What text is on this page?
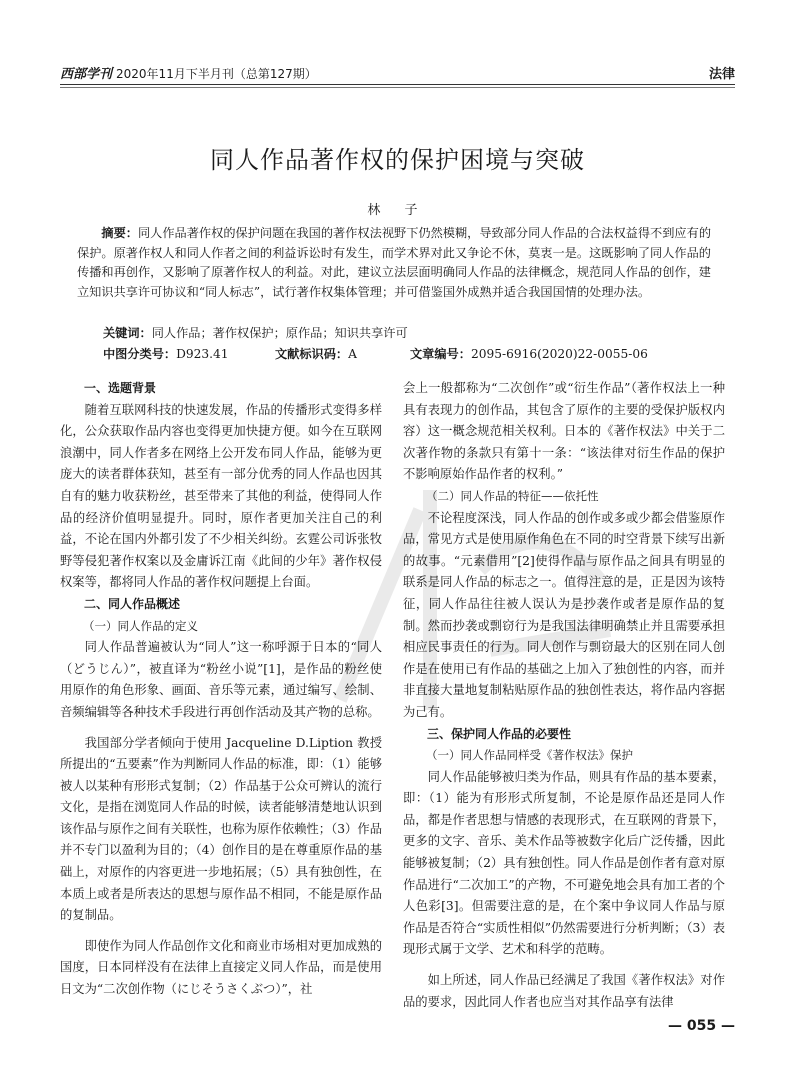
西部学刊 2020年11月下半月刊（总第127期）	法律
同人作品著作权的保护困境与突破
林 子
摘要：同人作品著作权的保护问题在我国的著作权法视野下仍然模糊，导致部分同人作品的合法权益得不到应有的保护。原著作权人和同人作者之间的利益诉讼时有发生，而学术界对此又争论不休，莫衷一是。这既影响了同人作品的传播和再创作，又影响了原著作权人的利益。对此，建议立法层面明确同人作品的法律概念，规范同人作品的创作，建立知识共享许可协议和“同人标志”，试行著作权集体管理；并可借鉴国外成熟并适合我国国情的处理办法。
关键词：同人作品；著作权保护；原作品；知识共享许可
中图分类号：D923.41	文献标识码：A	文章编号：2095-6916(2020)22-0055-06
一、选题背景

随着互联网科技的快速发展，作品的传播形式变得多样化，公众获取作品内容也变得更加快捷方便。如今在互联网浪潮中，同人作者多在网络上公开发布同人作品，能够为更庞大的读者群体获知，甚至有一部分优秀的同人作品也因其自有的魅力收获粉丝，甚至带来了其他的利益，使得同人作品的经济价值明显提升。同时，原作者更加关注自己的利益，不论在国内外都引发了不少相关纠纷。玄霆公司诉张牧野等侵犯著作权案以及金庸诉江南《此间的少年》著作权侵权案等，都将同人作品的著作权问题提上台面。

二、同人作品概述
（一）同人作品的定义

同人作品普遍被认为“同人”这一称呼源于日本的“同人（どうじん）”，被直译为“粉丝小说”[1]，是作品的粉丝使用原作的角色形象、画面、音乐等元素，通过编写、绘制、音频编辑等各种技术手段进行再创作活动及其产物的总称。

我国部分学者倾向于使用 Jacqueline D.Liption 教授所提出的“五要素”作为判断同人作品的标准，即：（1）能够被人以某种有形形式复制；（2）作品基于公众可辨认的流行文化，是指在浏览同人作品的时候，读者能够清楚地认识到该作品与原作之间有关联性，也称为原作依赖性；（3）作品并不专门以盈利为目的；（4）创作目的是在尊重原作品的基础上，对原作的内容更进一步地拓展；（5）具有独创性，在本质上或者是所表达的思想与原作品不相同，不能是原作品的复制品。

即使作为同人作品创作文化和商业市场相对更加成熟的国度，日本同样没有在法律上直接定义同人作品，而是使用日文为“二次创作物（にじそうさくぶつ）”，社

会上一般都称为“二次创作”或“衍生作品”（著作权法上一种具有表现力的创作品，其包含了原作的主要的受保护版权内容）这一概念规范相关权利。日本的《著作权法》中关于二次著作物的条款只有第十一条：“该法律对衍生作品的保护不影响原始作品作者的权利。”

（二）同人作品的特征——依托性

不论程度深浅，同人作品的创作或多或少都会借鉴原作品，常见方式是使用原作角色在不同的时空背景下续写出新的故事。“元素借用”[2]使得作品与原作品之间具有明显的联系是同人作品的标志之一。值得注意的是，正是因为该特征，同人作品往往被人误认为是抄袭作或者是原作品的复制。然而抄袭或剽窃行为是我国法律明确禁止并且需要承担相应民事责任的行为。同人创作与剽窃最大的区别在同人创作是在使用已有作品的基础之上加入了独创性的内容，而并非直接大量地复制粘贴原作品的独创性表达，将作品内容据为己有。

三、保护同人作品的必要性
（一）同人作品同样受《著作权法》保护

同人作品能够被归类为作品，则具有作品的基本要素，即：（1）能为有形形式所复制，不论是原作品还是同人作品，都是作者思想与情感的表现形式，在互联网的背景下，更多的文字、音乐、美术作品等被数字化后广泛传播，因此能够被复制；（2）具有独创性。同人作品是创作者有意对原作品进行“二次加工”的产物，不可避免地会具有加工者的个人色彩[3]。但需要注意的是，在个案中争议同人作品与原作品是否符合“实质性相似”仍然需要进行分析判断；（3）表现形式属于文学、艺术和科学的范畴。

如上所述，同人作品已经满足了我国《著作权法》对作品的要求，因此同人作者也应当对其作品享有法律

— 055 —
